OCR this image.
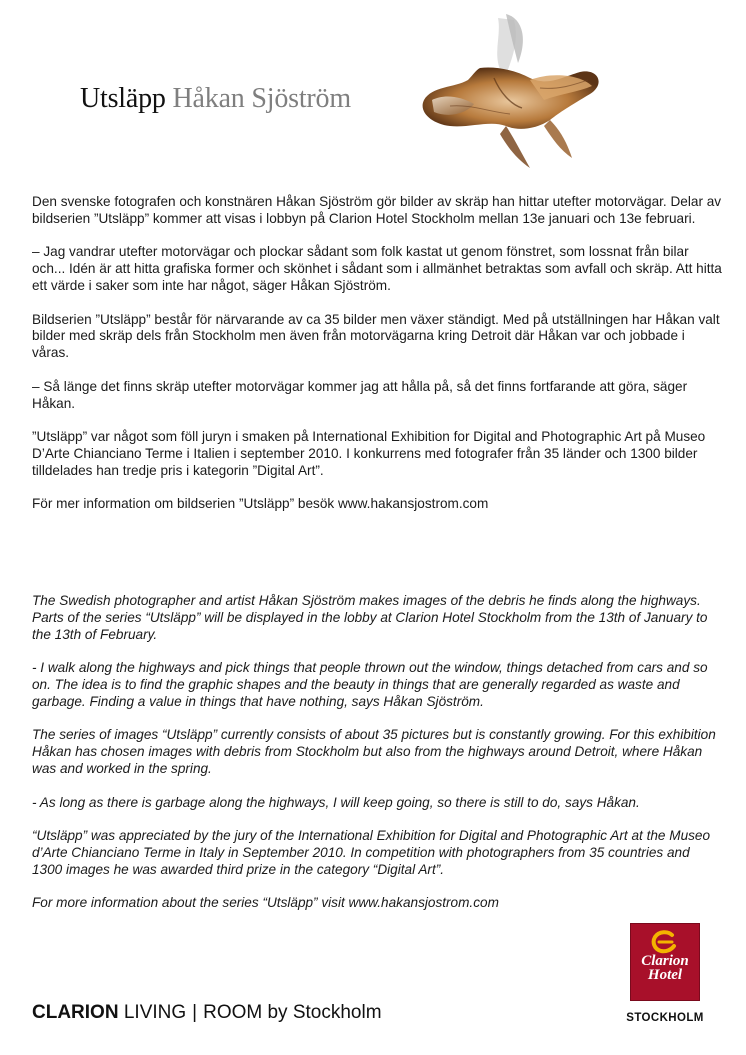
Utsläpp Håkan Sjöström

Den svenske fotografen och konstnären Håkan Sjöström gör bilder av skräp han hittar utefter motorvägar. Delar av bildserien ”Utsläpp” kommer att visas i lobbyn på Clarion Hotel Stockholm mellan 13e januari och 13e februari.

– Jag vandrar utefter motorvägar och plockar sådant som folk kastat ut genom fönstret, som lossnat från bilar och... Idén är att hitta grafiska former och skönhet i sådant som i allmänhet betraktas som avfall och skräp. Att hitta ett värde i saker som inte har något, säger Håkan Sjöström.

Bildserien ”Utsläpp” består för närvarande av ca 35 bilder men växer ständigt. Med på utställningen har Håkan valt bilder med skräp dels från Stockholm men även från motorvägarna kring Detroit där Håkan var och jobbade i våras.

– Så länge det finns skräp utefter motorvägar kommer jag att hålla på, så det finns fortfarande att göra, säger Håkan.

”Utsläpp” var något som föll juryn i smaken på International Exhibition for Digital and Photographic Art på Museo D’Arte Chianciano Terme i Italien i september 2010. I konkurrens med fotografer från 35 länder och 1300 bilder tilldelades han tredje pris i kategorin ”Digital Art”.

För mer information om bildserien ”Utsläpp” besök www.hakansjostrom.com

The Swedish photographer and artist Håkan Sjöström makes images of the debris he finds along the highways. Parts of the series “Utsläpp” will be displayed in the lobby at Clarion Hotel Stockholm from the 13th of January to the 13th of February.

- I walk along the highways and pick things that people thrown out the window, things detached from cars and so on. The idea is to find the graphic shapes and the beauty in things that are generally regarded as waste and garbage. Finding a value in things that have nothing, says Håkan Sjöström.

The series of images “Utsläpp” currently consists of about 35 pictures but is constantly growing. For this exhibition Håkan has chosen images with debris from Stockholm but also from the highways around Detroit, where Håkan was and worked in the spring.

- As long as there is garbage along the highways, I will keep going, so there is still to do, says Håkan.

“Utsläpp” was appreciated by the jury of the International Exhibition for Digital and Photographic Art at the Museo d’Arte Chianciano Terme in Italy in September 2010. In competition with photographers from 35 countries and 1300 images he was awarded third prize in the category “Digital Art”.

For more information about the series “Utsläpp” visit www.hakansjostrom.com

CLARION LIVING | ROOM by Stockholm
Clarion
Hotel
STOCKHOLM
